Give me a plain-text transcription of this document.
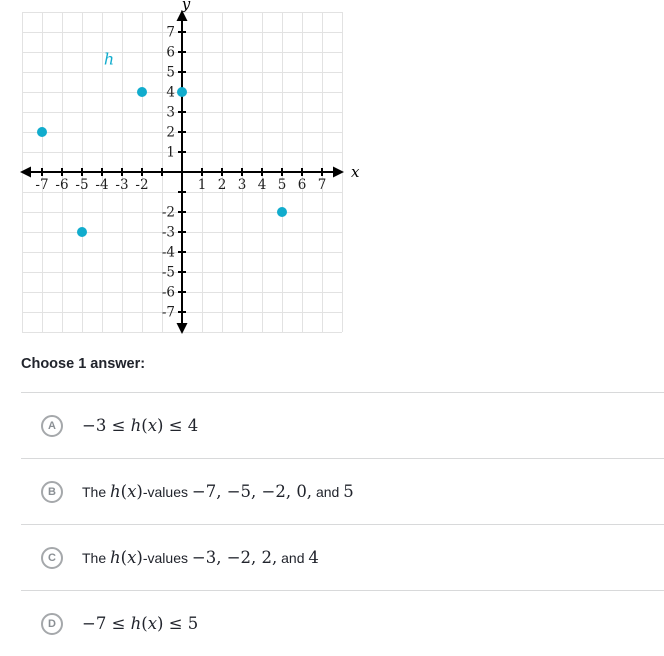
-7 -6 -5 -4 -3 -2	1 2 3 4 5 6 7
7
6
5
4
3
2
1
-2
-3
-4
-5
-6
-7
x
y
h
Choose 1 answer:
A	−3 ≤ h(x) ≤ 4
B	The h(x)-values −7, −5, −2, 0, and 5
C	The h(x)-values −3, −2, 2, and 4
D	−7 ≤ h(x) ≤ 5
